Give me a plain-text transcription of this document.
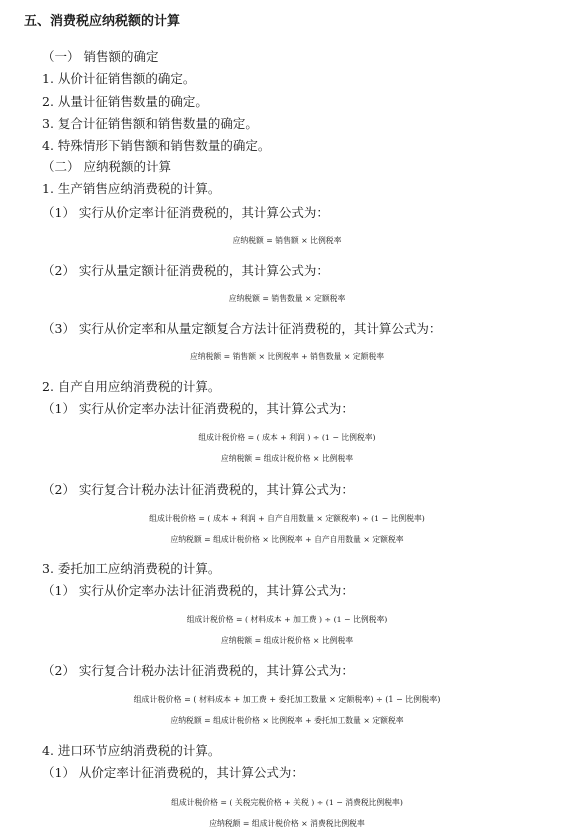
五、消费税应纳税额的计算

（一） 销售额的确定

1. 从价计征销售额的确定。

2. 从量计征销售数量的确定。

3. 复合计征销售额和销售数量的确定。

4. 特殊情形下销售额和销售数量的确定。

（二） 应纳税额的计算

1. 生产销售应纳消费税的计算。

（1） 实行从价定率计征消费税的，其计算公式为：

应纳税额 = 销售额 × 比例税率

（2） 实行从量定额计征消费税的，其计算公式为：

应纳税额 = 销售数量 × 定额税率

（3） 实行从价定率和从量定额复合方法计征消费税的，其计算公式为：

应纳税额 = 销售额 × 比例税率 + 销售数量 × 定额税率

2. 自产自用应纳消费税的计算。

（1） 实行从价定率办法计征消费税的，其计算公式为：

组成计税价格 = ( 成本 + 利润 ) ÷ (1 − 比例税率)

应纳税额 = 组成计税价格 × 比例税率

（2） 实行复合计税办法计征消费税的，其计算公式为：

组成计税价格 = ( 成本 + 利润 + 自产自用数量 × 定额税率) ÷ (1 − 比例税率)

应纳税额 = 组成计税价格 × 比例税率 + 自产自用数量 × 定额税率

3. 委托加工应纳消费税的计算。

（1） 实行从价定率办法计征消费税的，其计算公式为：

组成计税价格 = ( 材料成本 + 加工费 ) ÷ (1 − 比例税率)

应纳税额 = 组成计税价格 × 比例税率

（2） 实行复合计税办法计征消费税的，其计算公式为：

组成计税价格 = ( 材料成本 + 加工费 + 委托加工数量 × 定额税率) ÷ (1 − 比例税率)

应纳税额 = 组成计税价格 × 比例税率 + 委托加工数量 × 定额税率

4. 进口环节应纳消费税的计算。

（1） 从价定率计征消费税的，其计算公式为：

组成计税价格 = ( 关税完税价格 + 关税 ) ÷ (1 − 消费税比例税率)

应纳税额 = 组成计税价格 × 消费税比例税率
